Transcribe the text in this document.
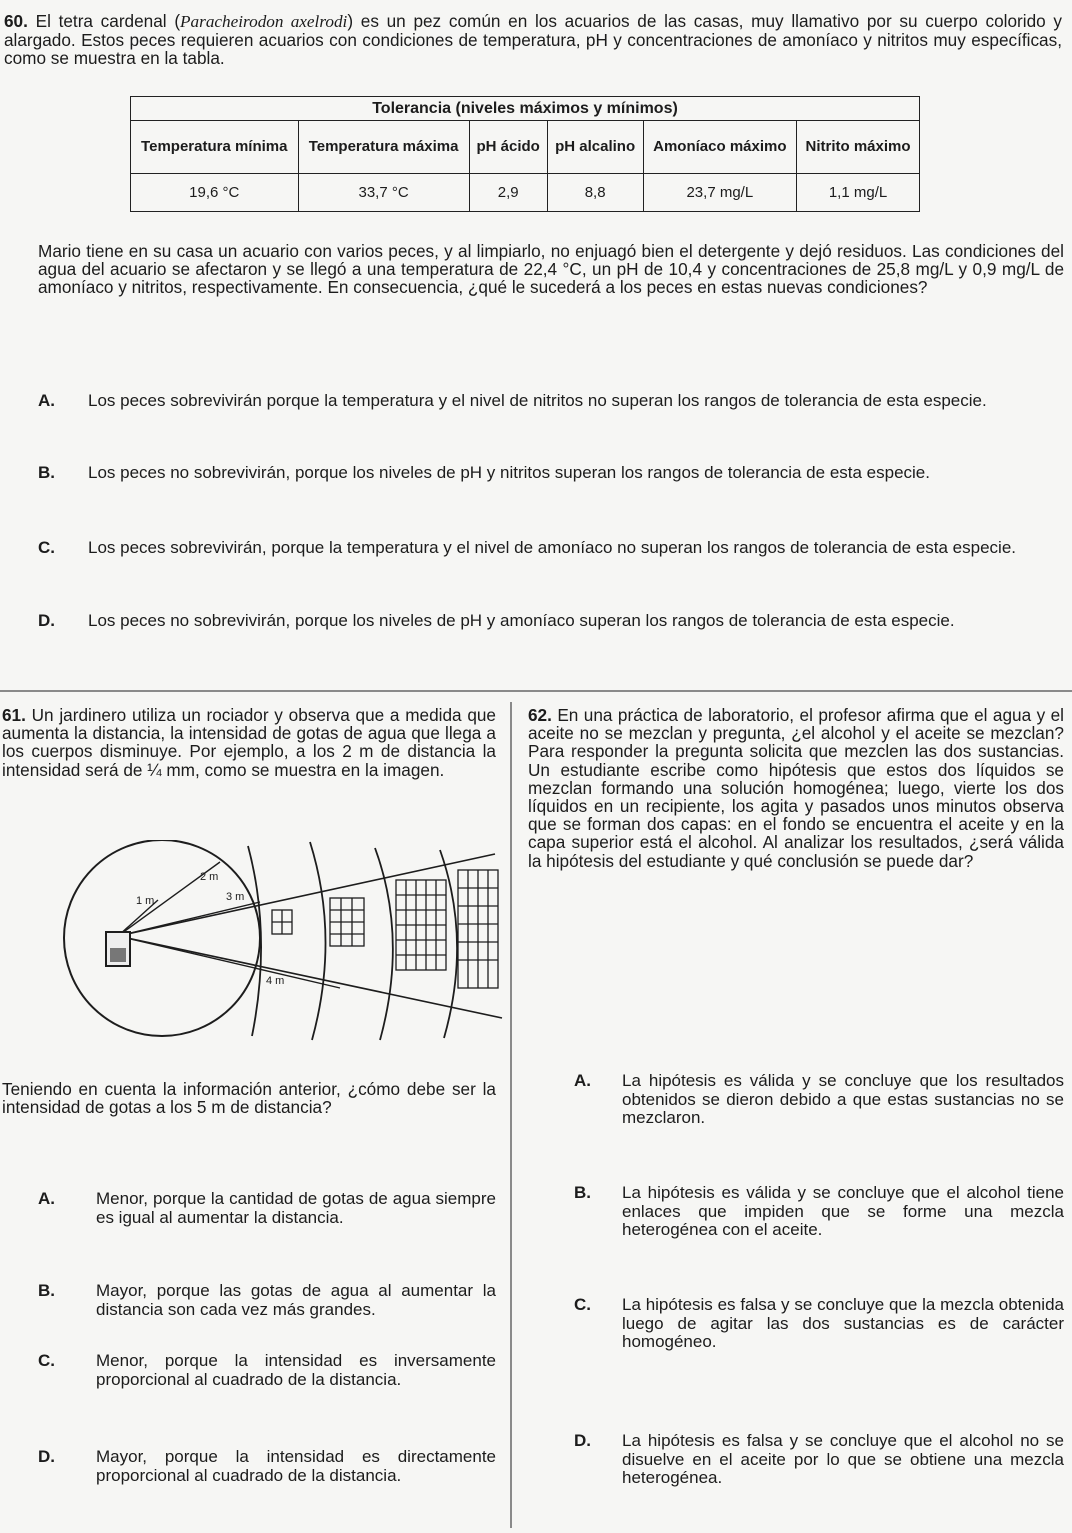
60. El tetra cardenal (Paracheirodon axelrodi) es un pez común en los acuarios de las casas, muy llamativo por su cuerpo colorido y alargado. Estos peces requieren acuarios con condiciones de temperatura, pH y concentraciones de amoníaco y nitritos muy específicas, como se muestra en la tabla.
Tolerancia (niveles máximos y mínimos)					
Temperatura mínima	Temperatura máxima	pH ácido	pH alcalino	Amoníaco máximo	Nitrito máximo
19,6 °C	33,7 °C	2,9	8,8	23,7 mg/L	1,1 mg/L
Mario tiene en su casa un acuario con varios peces, y al limpiarlo, no enjuagó bien el detergente y dejó residuos. Las condiciones del agua del acuario se afectaron y se llegó a una temperatura de 22,4 °C, un pH de 10,4 y concentraciones de 25,8 mg/L y 0,9 mg/L de amoníaco y nitritos, respectivamente. En consecuencia, ¿qué le sucederá a los peces en estas nuevas condiciones?
A. Los peces sobrevivirán porque la temperatura y el nivel de nitritos no superan los rangos de tolerancia de esta especie.
B. Los peces no sobrevivirán, porque los niveles de pH y nitritos superan los rangos de tolerancia de esta especie.
C. Los peces sobrevivirán, porque la temperatura y el nivel de amoníaco no superan los rangos de tolerancia de esta especie.
D. Los peces no sobrevivirán, porque los niveles de pH y amoníaco superan los rangos de tolerancia de esta especie.
61. Un jardinero utiliza un rociador y observa que a medida que aumenta la distancia, la intensidad de gotas de agua que llega a los cuerpos disminuye. Por ejemplo, a los 2 m de distancia la intensidad será de ¼ mm, como se muestra en la imagen.
1 m
2 m
3 m
4 m
Teniendo en cuenta la información anterior, ¿cómo debe ser la intensidad de gotas a los 5 m de distancia?
A. Menor, porque la cantidad de gotas de agua siempre es igual al aumentar la distancia.
B. Mayor, porque las gotas de agua al aumentar la distancia son cada vez más grandes.
C. Menor, porque la intensidad es inversamente proporcional al cuadrado de la distancia.
D. Mayor, porque la intensidad es directamente proporcional al cuadrado de la distancia.
62. En una práctica de laboratorio, el profesor afirma que el agua y el aceite no se mezclan y pregunta, ¿el alcohol y el aceite se mezclan? Para responder la pregunta solicita que mezclen las dos sustancias. Un estudiante escribe como hipótesis que estos dos líquidos se mezclan formando una solución homogénea; luego, vierte los dos líquidos en un recipiente, los agita y pasados unos minutos observa que se forman dos capas: en el fondo se encuentra el aceite y en la capa superior está el alcohol. Al analizar los resultados, ¿será válida la hipótesis del estudiante y qué conclusión se puede dar?
A. La hipótesis es válida y se concluye que los resultados obtenidos se dieron debido a que estas sustancias no se mezclaron.
B. La hipótesis es válida y se concluye que el alcohol tiene enlaces que impiden que se forme una mezcla heterogénea con el aceite.
C. La hipótesis es falsa y se concluye que la mezcla obtenida luego de agitar las dos sustancias es de carácter homogéneo.
D. La hipótesis es falsa y se concluye que el alcohol no se disuelve en el aceite por lo que se obtiene una mezcla heterogénea.
